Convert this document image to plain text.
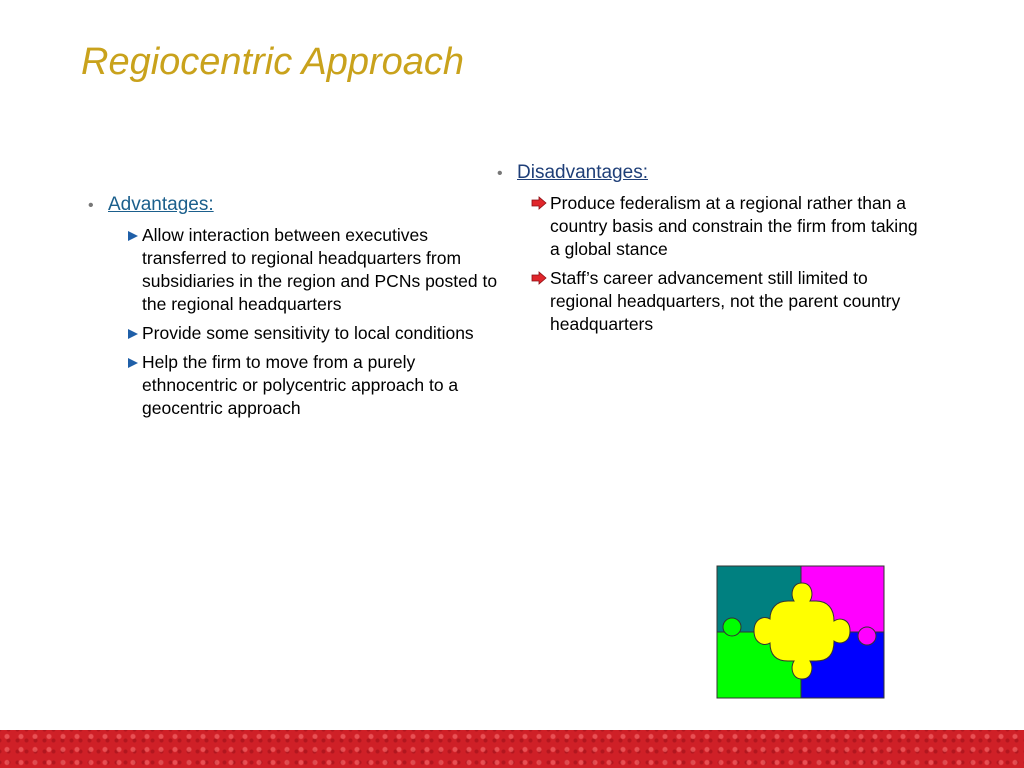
Regiocentric Approach
• Advantages:
Allow interaction between executives transferred to regional headquarters from subsidiaries in the region and PCNs posted to the regional headquarters
Provide some sensitivity to local conditions
Help the firm to move from a purely ethnocentric or polycentric approach to a geocentric approach
• Disadvantages:
Produce federalism at a regional rather than a country basis and constrain the firm from taking a global stance
Staff’s career advancement still limited to regional headquarters, not the parent country headquarters
